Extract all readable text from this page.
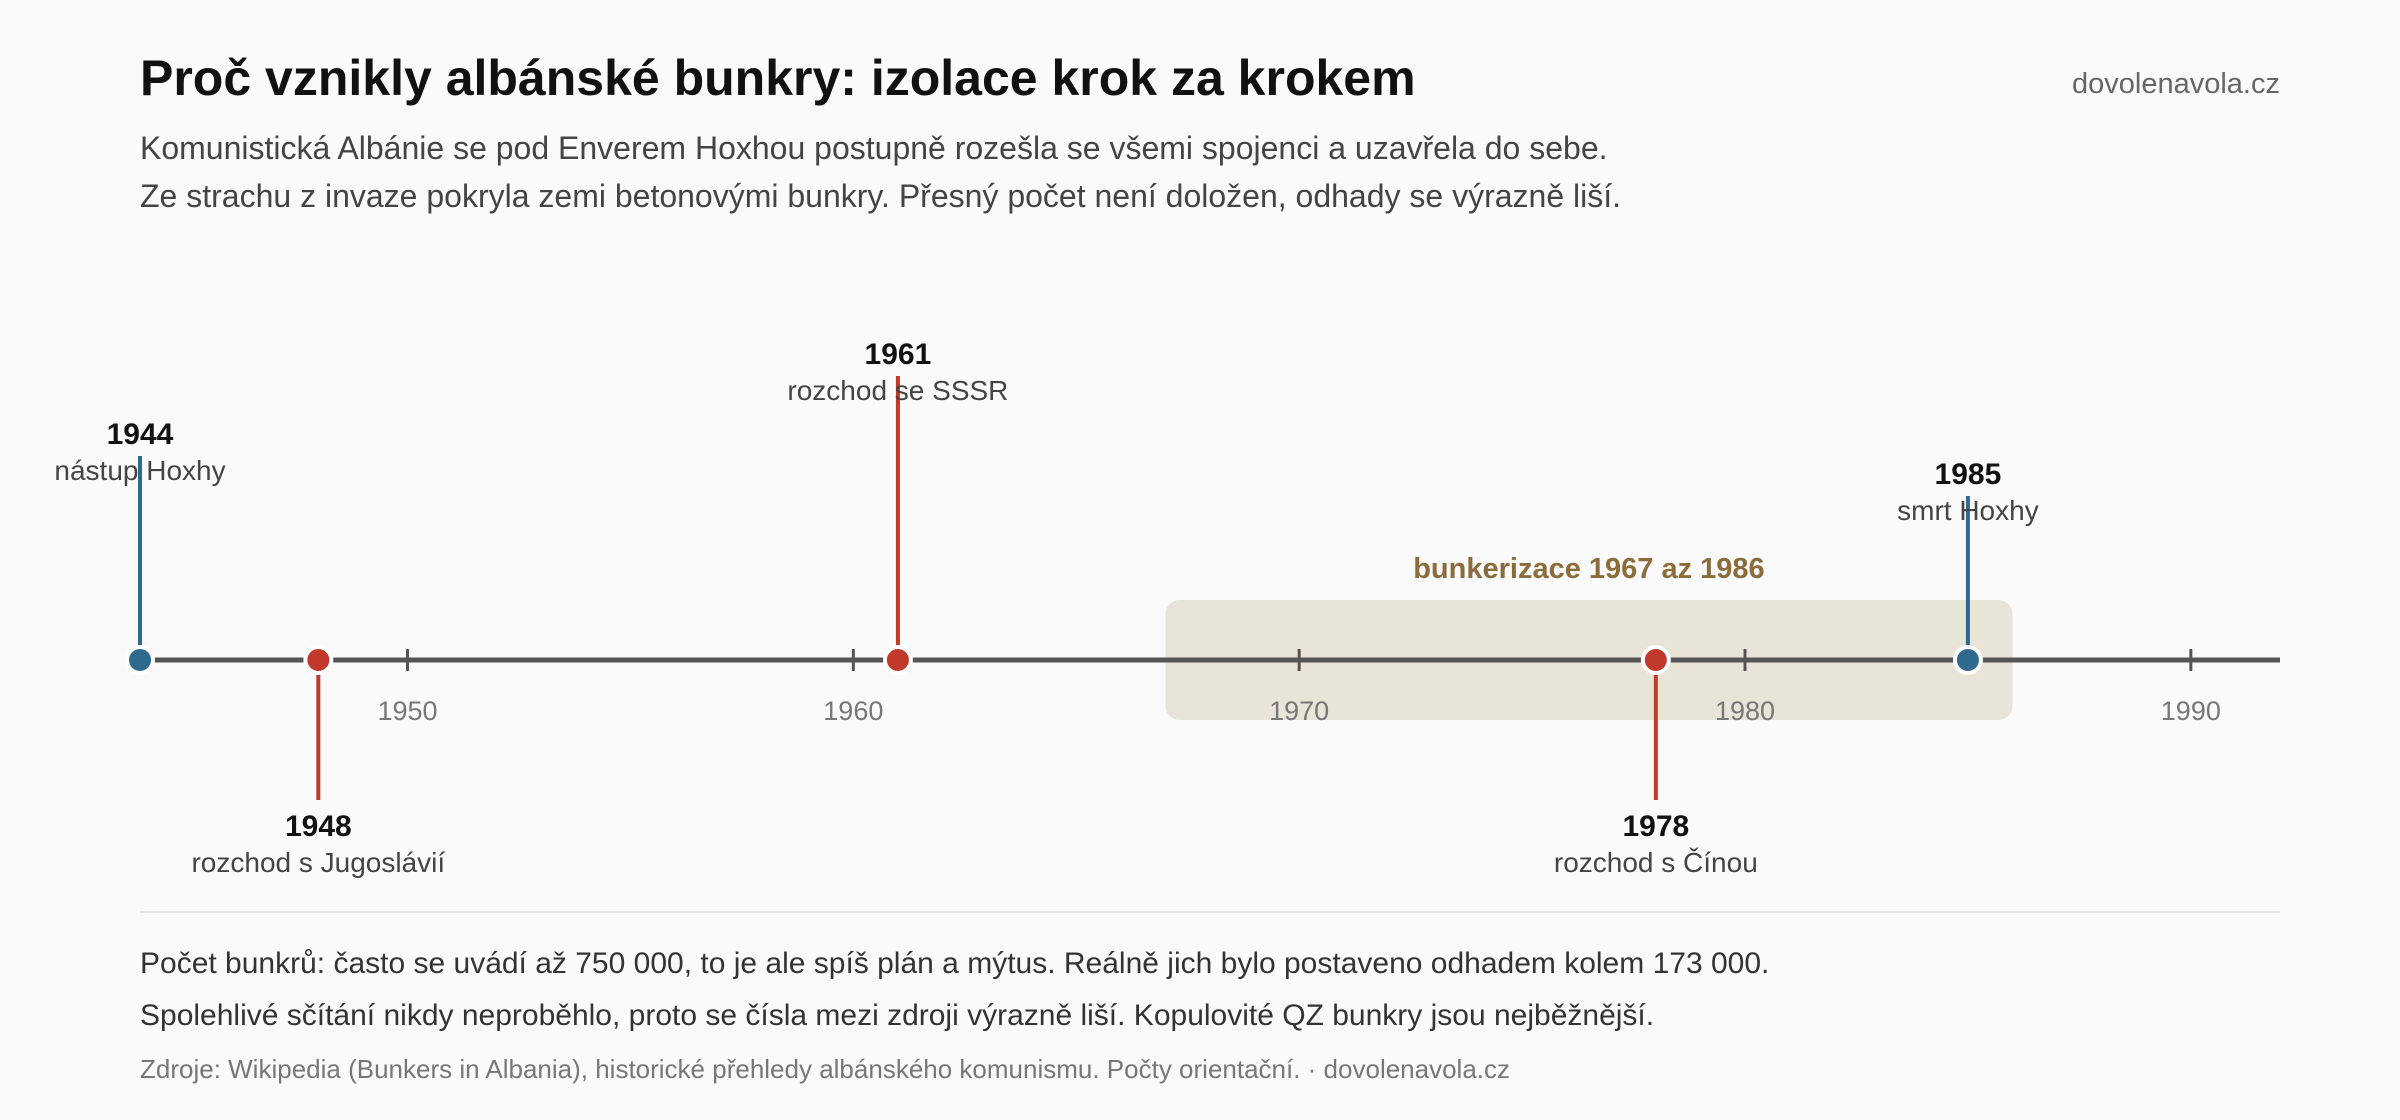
Proč vznikly albánské bunkry: izolace krok za krokem	dovolenavola.cz
Komunistická Albánie se pod Enverem Hoxhou postupně rozešla se všemi spojenci a uzavřela do sebe.
Ze strachu z invaze pokryla zemi betonovými bunkry. Přesný počet není doložen, odhady se výrazně liší.
bunkerizace 1967 az 1986
1950	1960	1970	1980	1990
1944
nástup Hoxhy
1948
rozchod s Jugoslávií
1961
rozchod se SSSR
1978
rozchod s Čínou
1985
smrt Hoxhy
Počet bunkrů: často se uvádí až 750 000, to je ale spíš plán a mýtus. Reálně jich bylo postaveno odhadem kolem 173 000.
Spolehlivé sčítání nikdy neproběhlo, proto se čísla mezi zdroji výrazně liší. Kopulovité QZ bunkry jsou nejběžnější.
Zdroje: Wikipedia (Bunkers in Albania), historické přehledy albánského komunismu. Počty orientační. · dovolenavola.cz
